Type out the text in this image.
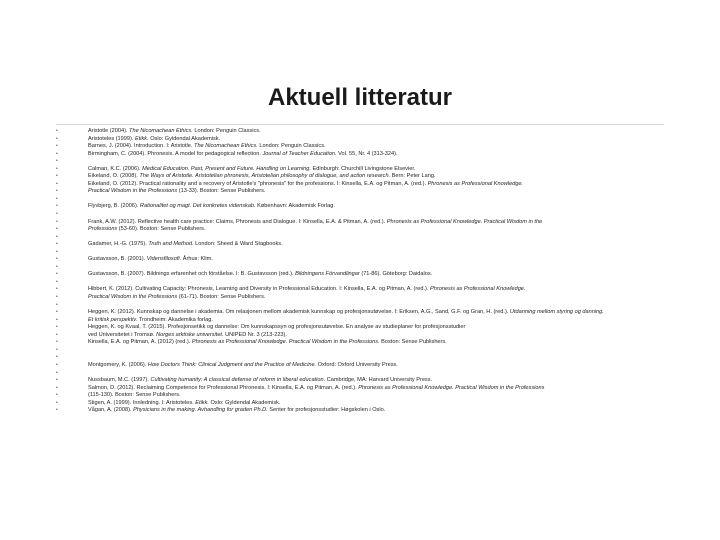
Aktuell litteratur
• Aristotle (2004). The Nicomachean Ethics. London: Penguin Classics.
• Aristoteles (1999). Etikk. Oslo: Gyldendal Akademisk.
• Barnes, J. (2004). Introduction. I: Aristotle. The Nicomachean Ethics. London: Penguin Classics.
• Birmingham, C. (2004). Phronesis. A model for pedagogical reflection. Journal of Teacher Education. Vol. 55, Nr. 4 (313-324).
•
• Calman, K.C. (2006). Medical Education. Past, Present and Future. Handling on Learning. Edinburgh: Churchill Livingstone Elsevier.
• Eikeland, O. (2008). The Ways of Aristotle. Aristotelian phronesis, Aristotelian philosophy of dialogue, and action research. Bern: Peter Lang.
• Eikeland, O. (2012). Practical rationality and a recovery of Aristotle's "phronesis" for the professions. I: Kinsella, E.A. og Pitman, A. (red.). Phronesis as Professional Knowledge.
• Practical Wisdom in the Professions (13-33). Boston: Sense Publishers.
•
• Flyvbjerg, B. (2006). Rationalitet og magt. Det konkretes videnskab. København: Akademisk Forlag.
•
• Frank, A.W. (2012). Reflective health care practice: Claims, Phronesis and Dialogue. I: Kinsella, E.A. & Pitman, A. (red.). Phronesis as Professional Knowledge. Practical Wisdom in the
• Professions (53-60). Boston: Sense Publishers.
•
• Gadamer, H.-G. (1975). Truth and Method. London: Sheed & Ward Stagbooks.
•
• Gustavsson, B. (2001). Vidensfilosofi. Århus: Klim.
•
• Gustavsson, B. (2007). Bildnings erfarenhet och förståelse. I: B. Gustavsson (red.). Bildningens Förvandlingar (71-86). Göteborg: Daidalos.
•
• Hibbert, K. (2012). Cultivating Capacity: Phronesis, Learning and Diversity in Professional Education. I: Kinsella, E.A. og Pitman, A. (red.). Phronesis as Professional Knowledge.
• Practical Wisdom in the Professions (61-71). Boston: Sense Publishers.
•
• Heggen, K. (2012). Kunnskap og dannelse i akademia. Om relasjonen mellom akademisk kunnskap og profesjonsutøvelse. I: Eriksen, A.G., Sand, G.F. og Gran, H. (red.). Utdanning mellom styring og danning.
• Et kritisk perspektiv. Trondheim: Akademika forlag.
• Heggen, K. og Kvaal, T. (2015). Profesjonsetikk og dannelse: Om kunnskapssyn og profesjonsutøvelse. En analyse av studieplaner for profesjonsstudier
• ved Universitetet i Tromsø. Norges arktiske universitet. UNIPED Nr. 3 (213-223).
• Kinsella, E.A. og Pitman, A. (2012) (red.). Phronesis as Professional Knowledge. Practical Wisdom in the Professions. Boston: Sense Publishers.
•
•
• Montgomery, K. (2006). How Doctors Think: Clinical Judgment and the Practice of Medicine. Oxford: Oxford University Press.
•
• Nussbaum, M.C. (1997). Cultivating humanity: A classical defense of reform in liberal education. Cambridge, MA: Harvard University Press.
• Salmon, D. (2012). Reclaiming Competence for Professional Phronesis. I: Kinsella, E.A. og Pitman, A. (red.). Phronesis as Professional Knowledge. Practical Wisdom in the Professions
• (115-130). Boston: Sense Publishers.
• Stigen, A. (1999). Innledning. I: Aristoteles. Etikk. Oslo: Gyldendal Akademisk.
• Vågan, A. (2008). Physicians in the making. Avhandling for graden Ph.D. Senter for profesjonsstudier: Høgskolen i Oslo.
